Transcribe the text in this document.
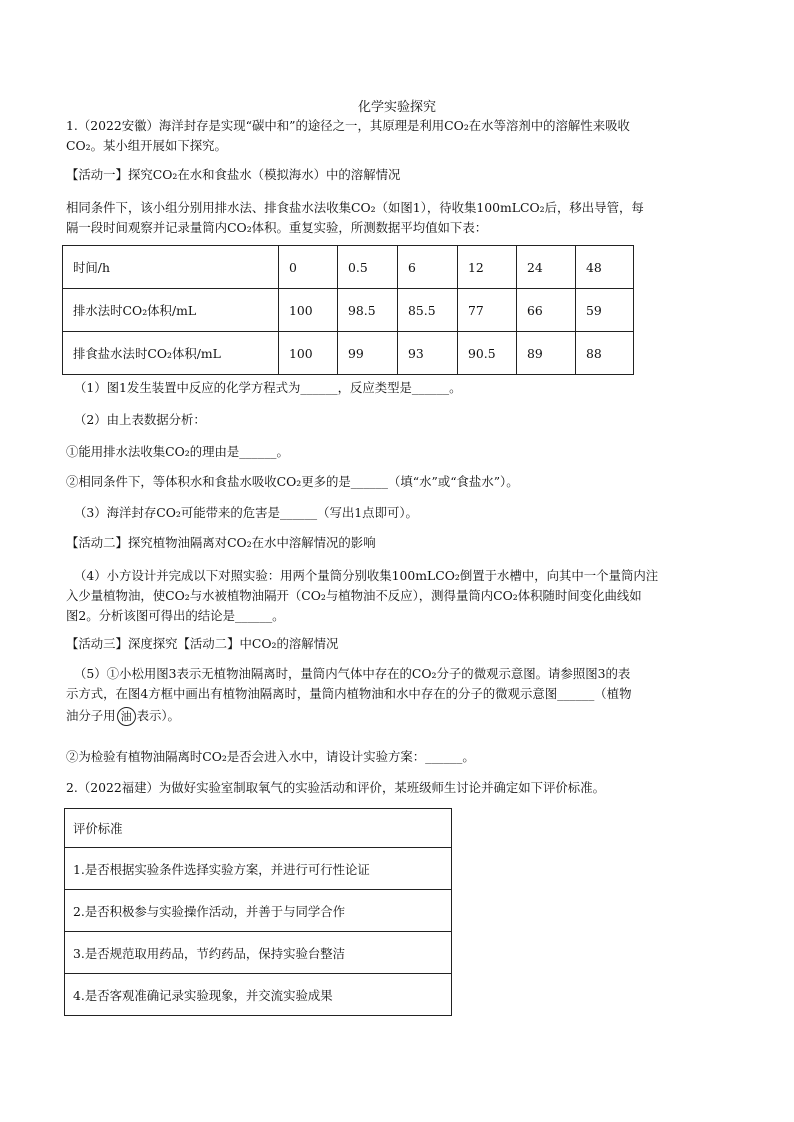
化学实验探究
1.（2022安徽）海洋封存是实现“碳中和”的途径之一，其原理是利用CO₂在水等溶剂中的溶解性来吸收
CO₂。某小组开展如下探究。
【活动一】探究CO₂在水和食盐水（模拟海水）中的溶解情况
相同条件下，该小组分别用排水法、排食盐水法收集CO₂（如图1），待收集100mLCO₂后，移出导管，每
隔一段时间观察并记录量筒内CO₂体积。重复实验，所测数据平均值如下表：
时间/h	0	0.5	6	12	24	48
排水法时CO₂体积/mL	100	98.5	85.5	77	66	59
排食盐水法时CO₂体积/mL	100	99	93	90.5	89	88
（1）图1发生装置中反应的化学方程式为______，反应类型是______。
（2）由上表数据分析：
①能用排水法收集CO₂的理由是______。
②相同条件下，等体积水和食盐水吸收CO₂更多的是______（填“水”或“食盐水”）。
（3）海洋封存CO₂可能带来的危害是______（写出1点即可）。
【活动二】探究植物油隔离对CO₂在水中溶解情况的影响
（4）小方设计并完成以下对照实验：用两个量筒分别收集100mLCO₂倒置于水槽中，向其中一个量筒内注
入少量植物油，使CO₂与水被植物油隔开（CO₂与植物油不反应），测得量筒内CO₂体积随时间变化曲线如
图2。分析该图可得出的结论是______。
【活动三】深度探究【活动二】中CO₂的溶解情况
（5）①小松用图3表示无植物油隔离时，量筒内气体中存在的CO₂分子的微观示意图。请参照图3的表
示方式，在图4方框中画出有植物油隔离时，量筒内植物油和水中存在的分子的微观示意图______（植物
油分子用 油 表示）。
②为检验有植物油隔离时CO₂是否会进入水中，请设计实验方案：______。
2.（2022福建）为做好实验室制取氧气的实验活动和评价，某班级师生讨论并确定如下评价标准。
评价标准
1.是否根据实验条件选择实验方案，并进行可行性论证
2.是否积极参与实验操作活动，并善于与同学合作
3.是否规范取用药品，节约药品，保持实验台整洁
4.是否客观准确记录实验现象，并交流实验成果
